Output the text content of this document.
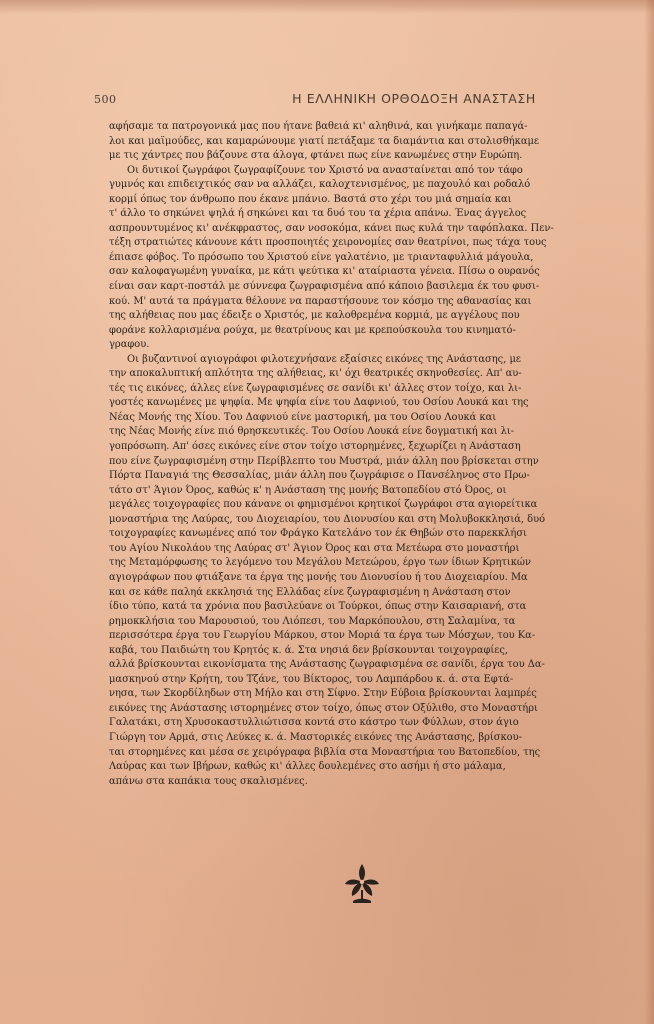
500	Η ΕΛΛΗΝΙΚΗ ΟΡΘΟΔΟΞΗ ΑΝΑΣΤΑΣΗ
αφήσαμε τα πατρογονικά μας που ήτανε βαθειά κι' αληθινά, και γινήκαμε παπαγά-
λοι και μαϊμούδες, και καμαρώνουμε γιατί πετάξαμε τα διαμάντια και στολισθήκαμε
με τις χάντρες που βάζουνε στα άλογα, φτάνει πως είνε κανωμένες στην Ευρώπη.
Οι δυτικοί ζωγράφοι ζωγραφίζουνε τον Χριστό να ανασταίνεται από τον τάφο
γυμνός και επιδειχτικός σαν να αλλάζει, καλοχτενισμένος, με παχουλό και ροδαλό
κορμί όπως τον άνθρωπο που έκανε μπάνιο. Βαστά στο χέρι του μιά σημαία και
τ' άλλο το σηκώνει ψηλά ή σηκώνει και τα δυό του τα χέρια απάνω. Ένας άγγελος
ασπρουντυμένος κι' ανέκφραστος, σαν νοσοκόμα, κάνει πως κυλά την ταφόπλακα. Πεν-
τέξη στρατιώτες κάνουνε κάτι προσποιητές χειρονομίες σαν θεατρίνοι, πως τάχα τους
έπιασε φόβος. Το πρόσωπο του Χριστού είνε γαλατένιο, με τριανταφυλλιά μάγουλα,
σαν καλοφαγωμένη γυναίκα, με κάτι ψεύτικα κι' αταίριαστα γένεια. Πίσω ο ουρανός
είναι σαν καρτ-ποστάλ με σύννεφα ζωγραφισμένα από κάποιο βασιλεμα έκ του φυσι-
κού. Μ' αυτά τα πράγματα θέλουνε να παραστήσουνε τον κόσμο της αθανασίας και
της αλήθειας που μας έδειξε ο Χριστός, με καλοθρεμένα κορμιά, με αγγέλους που
φοράνε κολλαρισμένα ρούχα, με θεατρίνους και με κρεπούσκουλα του κινηματό-
γραφου.
Οι βυζαντινοί αγιογράφοι φιλοτεχνήσανε εξαίσιες εικόνες της Ανάστασης, με
την αποκαλυπτική απλότητα της αλήθειας, κι' όχι θεατρικές σκηνοθεσίες. Απ' αυ-
τές τις εικόνες, άλλες είνε ζωγραφισμένες σε σανίδι κι' άλλες στον τοίχο, και λι-
γοστές κανωμένες με ψηφία. Με ψηφία είνε του Δαφνιού, του Οσίου Λουκά και της
Νέας Μονής της Χίου. Του Δαφνιού είνε μαστορική, μα του Οσίου Λουκά και
της Νέας Μονής είνε πιό θρησκευτικές. Του Οσίου Λουκά είνε δογματική και λι-
γοπρόσωπη. Απ' όσες εικόνες είνε στον τοίχο ιστορημένες, ξεχωρίζει η Ανάσταση
που είνε ζωγραφισμένη στην Περίβλεπτο του Μυστρά, μιάν άλλη που βρίσκεται στην
Πόρτα Παναγιά της Θεσσαλίας, μιάν άλλη που ζωγράφισε ο Πανσέληνος στο Πρω-
τάτο στ' Άγιον Όρος, καθώς κ' η Ανάσταση της μονής Βατοπεδίου στό Όρος, οι
μεγάλες τοιχογραφίες που κάνανε οι φημισμένοι κρητικοί ζωγράφοι στα αγιορείτικα
μοναστήρια της Λαύρας, του Διοχειαρίου, του Διονυσίου και στη Μολυβοκκλησιά, δυό
τοιχογραφίες κανωμένες από τον Φράγκο Κατελάνο τον έκ Θηβών στο παρεκκλήσι
του Αγίου Νικολάου της Λαύρας στ' Άγιον Όρος και στα Μετέωρα στο μοναστήρι
της Μεταμόρφωσης το λεγόμενο του Μεγάλου Μετεώρου, έργο των ίδιων Κρητικών
αγιογράφων που φτιάξανε τα έργα της μονής του Διονυσίου ή του Διοχειαρίου. Μα
και σε κάθε παληά εκκλησιά της Ελλάδας είνε ζωγραφισμένη η Ανάσταση στον
ίδιο τύπο, κατά τα χρόνια που βασιλεύανε οι Τούρκοι, όπως στην Καισαριανή, στα
ρημοκκλήσια του Μαρουσιού, του Λιόπεσι, του Μαρκόπουλου, στη Σαλαμίνα, τα
περισσότερα έργα του Γεωργίου Μάρκου, στον Μοριά τα έργα των Μόσχων, του Κα-
καβά, του Παιδιώτη του Κρητός κ. ά. Στα νησιά δεν βρίσκουνται τοιχογραφίες,
αλλά βρίσκουνται εικονίσματα της Ανάστασης ζωγραφισμένα σε σανίδι, έργα του Δα-
μασκηνού στην Κρήτη, του Τζάνε, του Βίκτορος, του Λαμπάρδου κ. ά. στα Εφτά-
νησα, των Σκορδίληδων στη Μήλο και στη Σίφνο. Στην Εύβοια βρίσκουνται λαμπρές
εικόνες της Ανάστασης ιστορημένες στον τοίχο, όπως στον Οξύλιθο, στο Μοναστήρι
Γαλατάκι, στη Χρυσοκαστυλλιώτισσα κοντά στο κάστρο των Φύλλων, στον άγιο
Γιώργη τον Αρμά, στις Λεύκες κ. ά. Μαστορικές εικόνες της Ανάστασης, βρίσκου-
ται στορημένες και μέσα σε χειρόγραφα βιβλία στα Μοναστήρια του Βατοπεδίου, της
Λαύρας και των Ιβήρων, καθώς κι' άλλες δουλεμένες στο ασήμι ή στο μάλαμα,
απάνω στα καπάκια τους σκαλισμένες.
